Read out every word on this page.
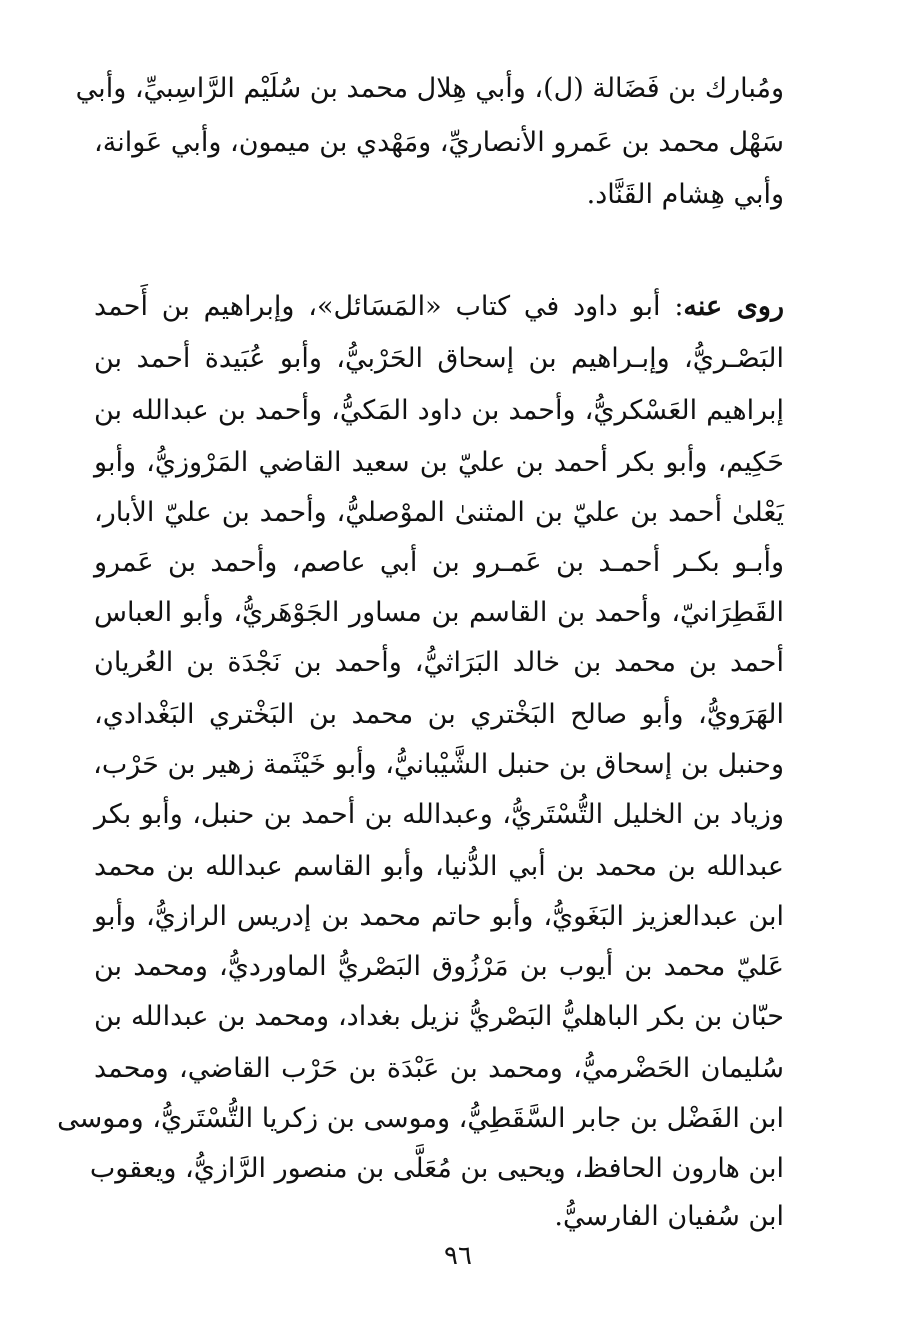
ومُبارك بن فَضَالة (ل)، وأبي هِلال محمد بن سُلَيْم الرَّاسِبيِّ، وأبي
سَهْل محمد بن عَمرو الأنصاريِّ، ومَهْدي بن ميمون، وأبي عَوانة،
وأبي هِشام القَنَّاد.
روى عنه: أبو داود في كتاب «المَسَائل»، وإبراهيم بن أَحمد
البَصْـريُّ، وإبـراهيم بن إسحاق الحَرْبيُّ، وأبو عُبَيدة أحمد بن
إبراهيم العَسْكريُّ، وأحمد بن داود المَكيُّ، وأحمد بن عبدالله بن
حَكِيم، وأبو بكر أحمد بن عليّ بن سعيد القاضي المَرْوزيُّ، وأبو
يَعْلىٰ أحمد بن عليّ بن المثنىٰ الموْصليُّ، وأحمد بن عليّ الأبار،
وأبـو بكـر أحمـد بن عَمـرو بن أبي عاصم، وأحمد بن عَمرو
القَطِرَانيّ، وأحمد بن القاسم بن مساور الجَوْهَريُّ، وأبو العباس
أحمد بن محمد بن خالد البَرَاثيُّ، وأحمد بن نَجْدَة بن العُريان
الهَرَويُّ، وأبو صالح البَخْتري بن محمد بن البَخْتري البَغْدادي،
وحنبل بن إسحاق بن حنبل الشَّيْبانيُّ، وأبو خَيْثَمة زهير بن حَرْب،
وزياد بن الخليل التُّسْتَريُّ، وعبدالله بن أحمد بن حنبل، وأبو بكر
عبدالله بن محمد بن أبي الدُّنيا، وأبو القاسم عبدالله بن محمد
ابن عبدالعزيز البَغَويُّ، وأبو حاتم محمد بن إدريس الرازيُّ، وأبو
عَليّ محمد بن أيوب بن مَرْزُوق البَصْريُّ الماورديُّ، ومحمد بن
حبّان بن بكر الباهليُّ البَصْريُّ نزيل بغداد، ومحمد بن عبدالله بن
سُليمان الحَضْرميُّ، ومحمد بن عَبْدَة بن حَرْب القاضي، ومحمد
ابن الفَضْل بن جابر السَّقَطِيُّ، وموسى بن زكريا التُّسْتَريُّ، وموسى
ابن هارون الحافظ، ويحيى بن مُعَلَّى بن منصور الرَّازيُّ، ويعقوب
ابن سُفيان الفارسيُّ.
٩٦
